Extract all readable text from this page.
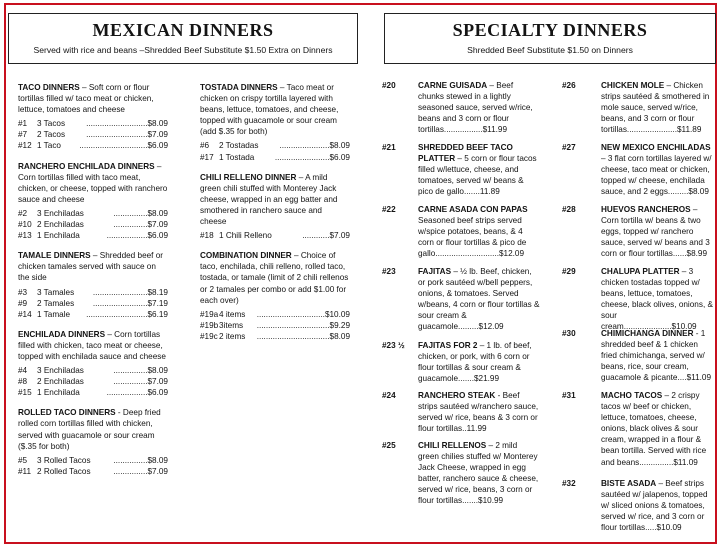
MEXICAN DINNERS
Served with rice and beans –Shredded Beef Substitute $1.50 Extra on Dinners
TACO DINNERS – Soft corn or flour tortillas filled w/ taco meat or chicken, lettuce, tomatoes and cheese
#1	3 Tacos	...........................$8.09
#7	2 Tacos	...........................$7.09
#12 1 Taco	..............................$6.09
RANCHERO ENCHILADA DINNERS – Corn tortillas filled with taco meat, chicken, or cheese, topped with ranchero sauce and cheese
#2	3 Enchiladas	...............$8.09
#10 2 Enchiladas	...............$7.09
#13 1 Enchilada	..................$6.09
TAMALE DINNERS – Shredded beef or chicken tamales served with sauce on the side
#3	3 Tamales	........................$8.19
#9	2 Tamales	........................$7.19
#14 1 Tamale	...........................$6.19
ENCHILADA DINNERS – Corn tortillas filled with chicken, taco meat or cheese, topped with enchilada sauce and cheese
#4	3 Enchiladas	...............$8.09
#8	2 Enchiladas	...............$7.09
#15 1 Enchilada	..................$6.09
ROLLED TACO DINNERS - Deep fried rolled corn tortillas filled with chicken, served with guacamole or sour cream ($.35 for both)
#5	3 Rolled Tacos	...............$8.09
#11 2 Rolled Tacos	...............$7.09
TOSTADA DINNERS – Taco meat or chicken on crispy tortilla layered with beans, lettuce, tomatoes, and cheese, topped with guacamole or sour cream (add $.35 for both)
#6	2 Tostadas	......................$8.09
#17 1 Tostada	........................$6.09
CHILI RELLENO DINNER – A mild green chili stuffed with Monterey Jack cheese, wrapped in an egg batter and smothered in ranchero sauce and cheese
#18 1 Chili Relleno	............$7.09
COMBINATION DINNER – Choice of taco, enchilada, chili relleno, rolled taco, tostada, or tamale (limit of 2 chili rellenos or 2 tamales per combo or add $1.00 for each over)
#19a 4 items	..............................$10.09
#19b 3items	................................$9.29
#19c 2 items	................................$8.09
SPECIALTY DINNERS
Shredded Beef Substitute $1.50 on Dinners
#20	CARNE GUISADA – Beef chunks stewed in a lightly seasoned sauce, served w/rice, beans and 3 corn or flour tortillas.................$11.99
#21	SHREDDED BEEF TACO PLATTER – 5 corn or flour tacos filled w/lettuce, cheese, and tomatoes, served w/ beans & pico de gallo.......11.89
#22	CARNE ASADA CON PAPAS Seasoned beef strips served w/spice potatoes, beans, & 4 corn or flour tortillas & pico de gallo............................$12.09
#23	FAJITAS – ½ lb. Beef, chicken, or pork sautéed w/bell peppers, onions, & tomatoes. Served w/beans, 4 corn or flour tortillas & sour cream & guacamole.........$12.09
#23 ½ FAJITAS FOR 2 – 1 lb. of beef, chicken, or pork, with 6 corn or flour tortillas & sour cream & guacamole.......$21.99
#24	RANCHERO STEAK - Beef strips sautéed w/ranchero sauce, served w/ rice, beans & 3 corn or flour tortillas..11.99
#25	CHILI RELLENOS – 2 mild green chilies stuffed w/ Monterey Jack Cheese, wrapped in egg batter, ranchero sauce & cheese, served w/ rice, beans, 3 corn or flour tortillas.......$10.99
#26	CHICKEN MOLE – Chicken strips sautéed & smothered in mole sauce, served w/rice, beans, and 3 corn or flour tortillas......................$11.89
#27	NEW MEXICO ENCHILADAS – 3 flat corn tortillas layered w/ cheese, taco meat or chicken, topped w/ cheese, enchilada sauce, and 2 eggs.........$8.09
#28	HUEVOS RANCHEROS – Corn tortilla w/ beans & two eggs, topped w/ ranchero sauce, served w/ beans and 3 corn or flour tortillas......$8.99
#29	CHALUPA PLATTER – 3 chicken tostadas topped w/ beans, lettuce, tomatoes, cheese, black olives, onions, & sour cream.....................$10.09
#30	CHIMICHANGA DINNER - 1 shredded beef & 1 chicken fried chimichanga, served w/ beans, rice, sour cream, guacamole & picante....$11.09
#31	MACHO TACOS – 2 crispy tacos w/ beef or chicken, lettuce, tomatoes, cheese, onions, black olives & sour cream, wrapped in a flour & bean tortilla. Served with rice and beans...............$11.09
#32	BISTE ASADA – Beef strips sautéed w/ jalapenos, topped w/ sliced onions & tomatoes, served w/ rice, and 3 corn or flour tortillas.....$10.09
